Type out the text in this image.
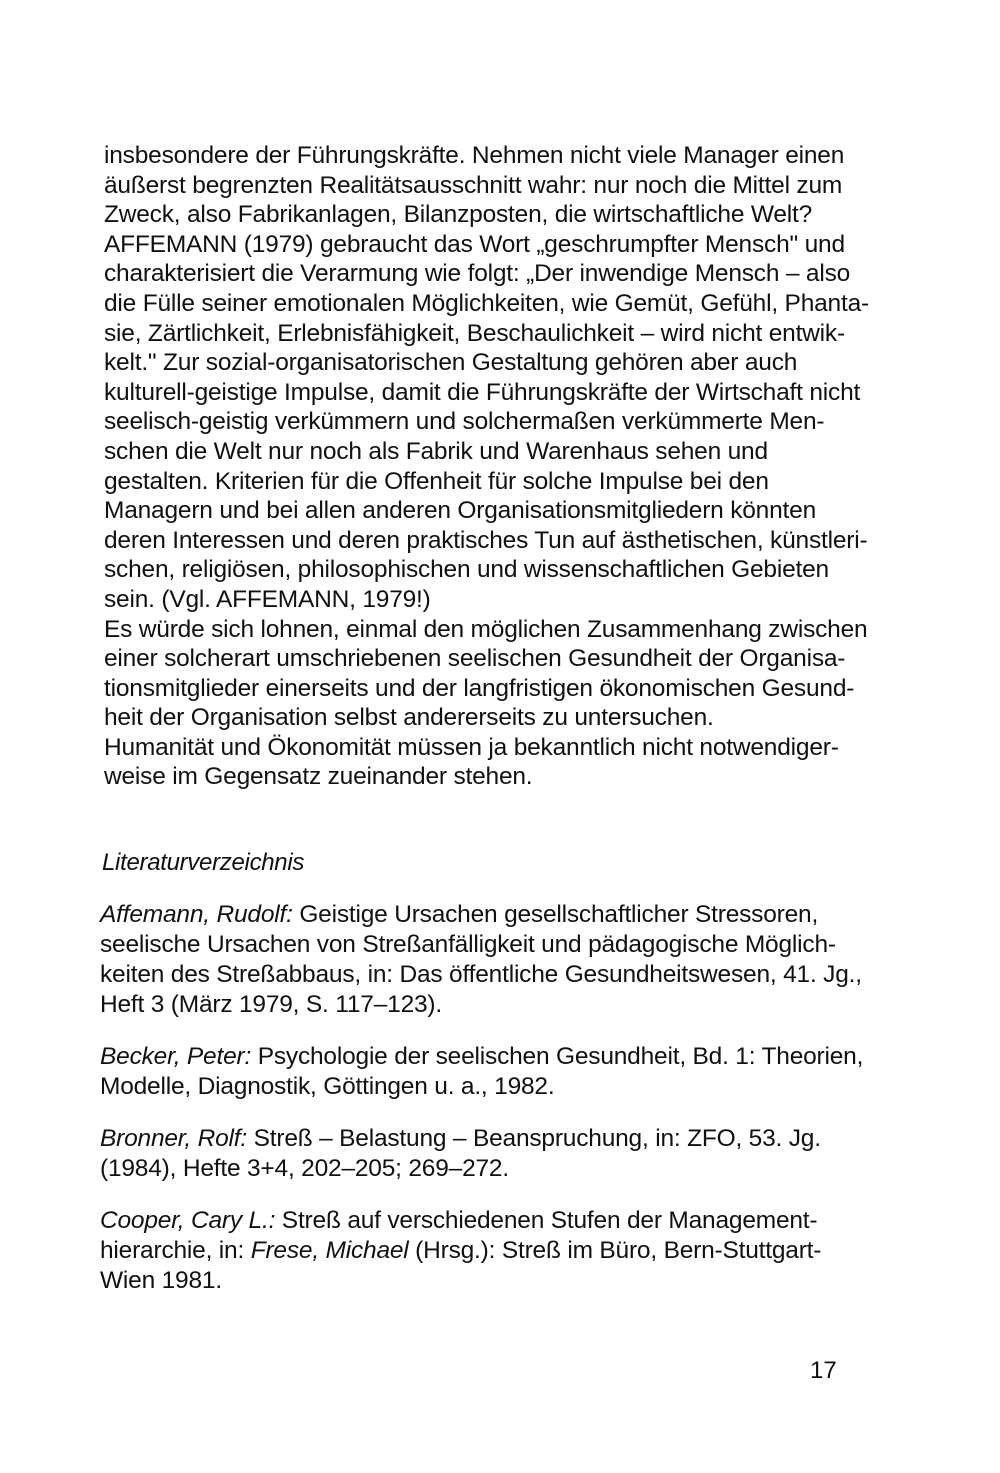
insbesondere der Führungskräfte. Nehmen nicht viele Manager einen
äußerst begrenzten Realitätsausschnitt wahr: nur noch die Mittel zum
Zweck, also Fabrikanlagen, Bilanzposten, die wirtschaftliche Welt?
AFFEMANN (1979) gebraucht das Wort „geschrumpfter Mensch" und
charakterisiert die Verarmung wie folgt: „Der inwendige Mensch – also
die Fülle seiner emotionalen Möglichkeiten, wie Gemüt, Gefühl, Phanta-
sie, Zärtlichkeit, Erlebnisfähigkeit, Beschaulichkeit – wird nicht entwik-
kelt." Zur sozial-organisatorischen Gestaltung gehören aber auch
kulturell-geistige Impulse, damit die Führungskräfte der Wirtschaft nicht
seelisch-geistig verkümmern und solchermaßen verkümmerte Men-
schen die Welt nur noch als Fabrik und Warenhaus sehen und
gestalten. Kriterien für die Offenheit für solche Impulse bei den
Managern und bei allen anderen Organisationsmitgliedern könnten
deren Interessen und deren praktisches Tun auf ästhetischen, künstleri-
schen, religiösen, philosophischen und wissenschaftlichen Gebieten
sein. (Vgl. AFFEMANN, 1979!)
Es würde sich lohnen, einmal den möglichen Zusammenhang zwischen
einer solcherart umschriebenen seelischen Gesundheit der Organisa-
tionsmitglieder einerseits und der langfristigen ökonomischen Gesund-
heit der Organisation selbst andererseits zu untersuchen.
Humanität und Ökonomität müssen ja bekanntlich nicht notwendiger-
weise im Gegensatz zueinander stehen.
Literaturverzeichnis
Affemann, Rudolf: Geistige Ursachen gesellschaftlicher Stressoren,
seelische Ursachen von Streßanfälligkeit und pädagogische Möglich-
keiten des Streßabbaus, in: Das öffentliche Gesundheitswesen, 41. Jg.,
Heft 3 (März 1979, S. 117–123).
Becker, Peter: Psychologie der seelischen Gesundheit, Bd. 1: Theorien,
Modelle, Diagnostik, Göttingen u. a., 1982.
Bronner, Rolf: Streß – Belastung – Beanspruchung, in: ZFO, 53. Jg.
(1984), Hefte 3+4, 202–205; 269–272.
Cooper, Cary L.: Streß auf verschiedenen Stufen der Management-
hierarchie, in: Frese, Michael (Hrsg.): Streß im Büro, Bern-Stuttgart-
Wien 1981.
17
